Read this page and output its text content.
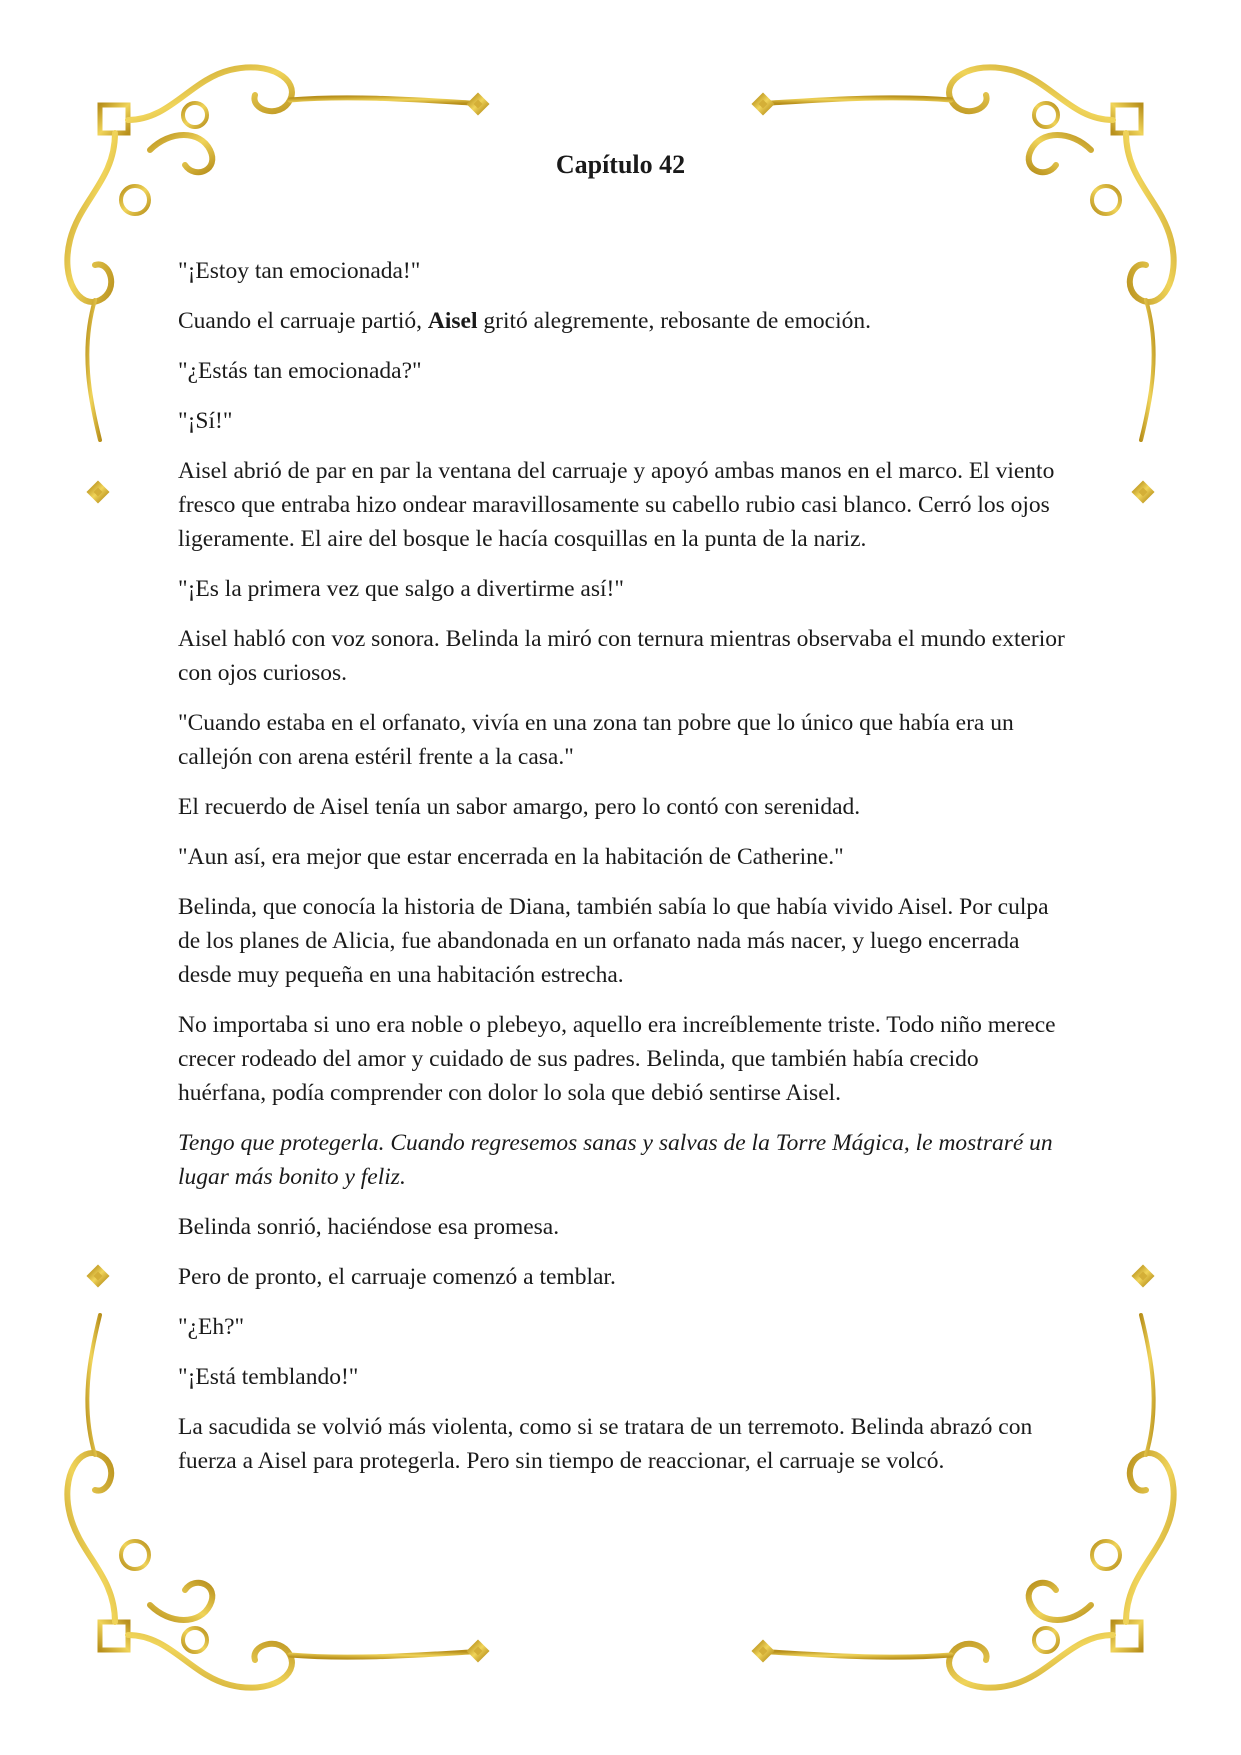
Capítulo 42

"¡Estoy tan emocionada!"

Cuando el carruaje partió, Aisel gritó alegremente, rebosante de emoción.

"¿Estás tan emocionada?"

"¡Sí!"

Aisel abrió de par en par la ventana del carruaje y apoyó ambas manos en el marco. El viento fresco que entraba hizo ondear maravillosamente su cabello rubio casi blanco. Cerró los ojos ligeramente. El aire del bosque le hacía cosquillas en la punta de la nariz.

"¡Es la primera vez que salgo a divertirme así!"

Aisel habló con voz sonora. Belinda la miró con ternura mientras observaba el mundo exterior con ojos curiosos.

"Cuando estaba en el orfanato, vivía en una zona tan pobre que lo único que había era un callejón con arena estéril frente a la casa."

El recuerdo de Aisel tenía un sabor amargo, pero lo contó con serenidad.

"Aun así, era mejor que estar encerrada en la habitación de Catherine."

Belinda, que conocía la historia de Diana, también sabía lo que había vivido Aisel. Por culpa de los planes de Alicia, fue abandonada en un orfanato nada más nacer, y luego encerrada desde muy pequeña en una habitación estrecha.

No importaba si uno era noble o plebeyo, aquello era increíblemente triste. Todo niño merece crecer rodeado del amor y cuidado de sus padres. Belinda, que también había crecido huérfana, podía comprender con dolor lo sola que debió sentirse Aisel.

Tengo que protegerla. Cuando regresemos sanas y salvas de la Torre Mágica, le mostraré un lugar más bonito y feliz.

Belinda sonrió, haciéndose esa promesa.

Pero de pronto, el carruaje comenzó a temblar.

"¿Eh?"

"¡Está temblando!"

La sacudida se volvió más violenta, como si se tratara de un terremoto. Belinda abrazó con fuerza a Aisel para protegerla. Pero sin tiempo de reaccionar, el carruaje se volcó.
